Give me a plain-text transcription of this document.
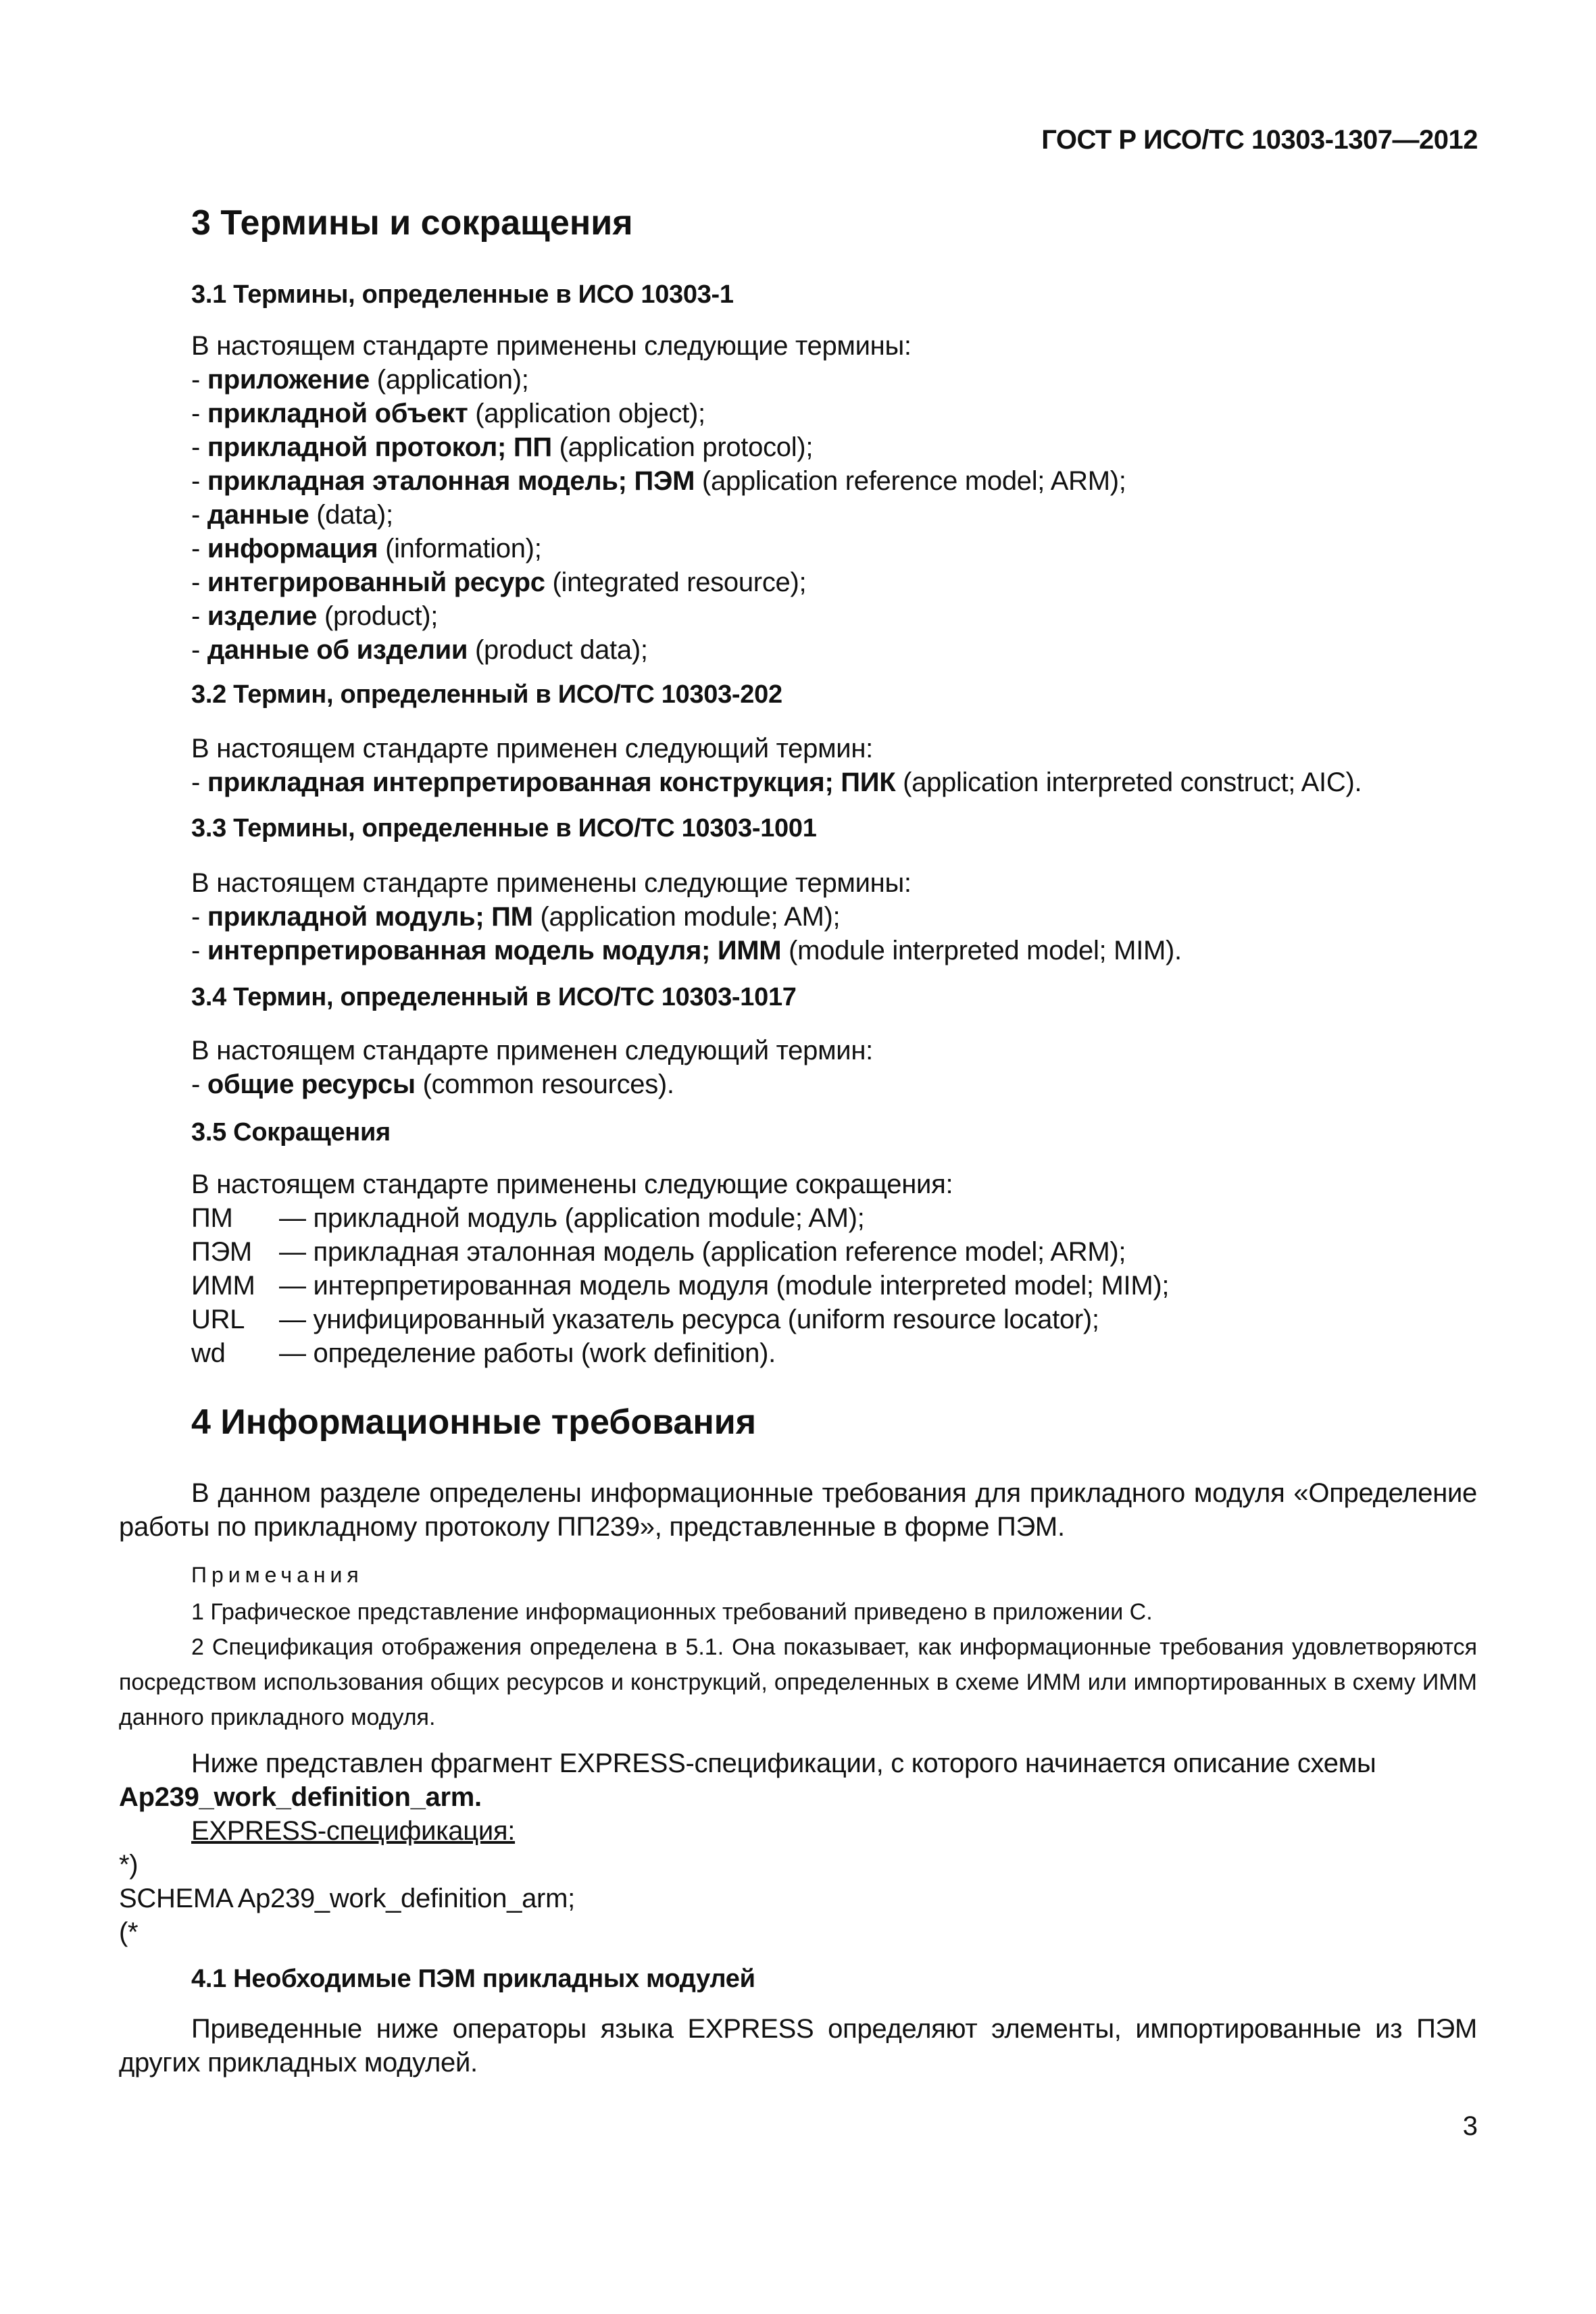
ГОСТ Р ИСО/ТС 10303-1307—2012
3 Термины и сокращения
3.1 Термины, определенные в ИСО 10303-1
В настоящем стандарте применены следующие термины:
- приложение (application);
- прикладной объект (application object);
- прикладной протокол; ПП (application protocol);
- прикладная эталонная модель; ПЭМ (application reference model; ARM);
- данные (data);
- информация (information);
- интегрированный ресурс (integrated resource);
- изделие (product);
- данные об изделии (product data);
3.2 Термин, определенный в ИСО/ТС 10303-202
В настоящем стандарте применен следующий термин:
- прикладная интерпретированная конструкция; ПИК (application interpreted construct; AIC).
3.3 Термины, определенные в ИСО/ТС 10303-1001
В настоящем стандарте применены следующие термины:
- прикладной модуль; ПМ (application module; AM);
- интерпретированная модель модуля; ИММ (module interpreted model; MIM).
3.4 Термин, определенный в ИСО/ТС 10303-1017
В настоящем стандарте применен следующий термин:
- общие ресурсы (common resources).
3.5 Сокращения
В настоящем стандарте применены следующие сокращения:
ПМ	— прикладной модуль (application module; AM);
ПЭМ	— прикладная эталонная модель (application reference model; ARM);
ИММ — интерпретированная модель модуля (module interpreted model; MIM);
URL	— унифицированный указатель ресурса (uniform resource locator);
wd	— определение работы (work definition).
4 Информационные требования
В данном разделе определены информационные требования для прикладного модуля «Определение работы по прикладному протоколу ПП239», представленные в форме ПЭМ.
Примечания
1 Графическое представление информационных требований приведено в приложении С.
2 Спецификация отображения определена в 5.1. Она показывает, как информационные требования удовлетворяются посредством использования общих ресурсов и конструкций, определенных в схеме ИММ или импортированных в схему ИММ данного прикладного модуля.
Ниже представлен фрагмент EXPRESS-спецификации, с которого начинается описание схемы
Ap239_work_definition_arm.
EXPRESS-спецификация:
*)
SCHEMA Ap239_work_definition_arm;
(*
4.1 Необходимые ПЭМ прикладных модулей
Приведенные ниже операторы языка EXPRESS определяют элементы, импортированные из ПЭМ других прикладных модулей.
3
